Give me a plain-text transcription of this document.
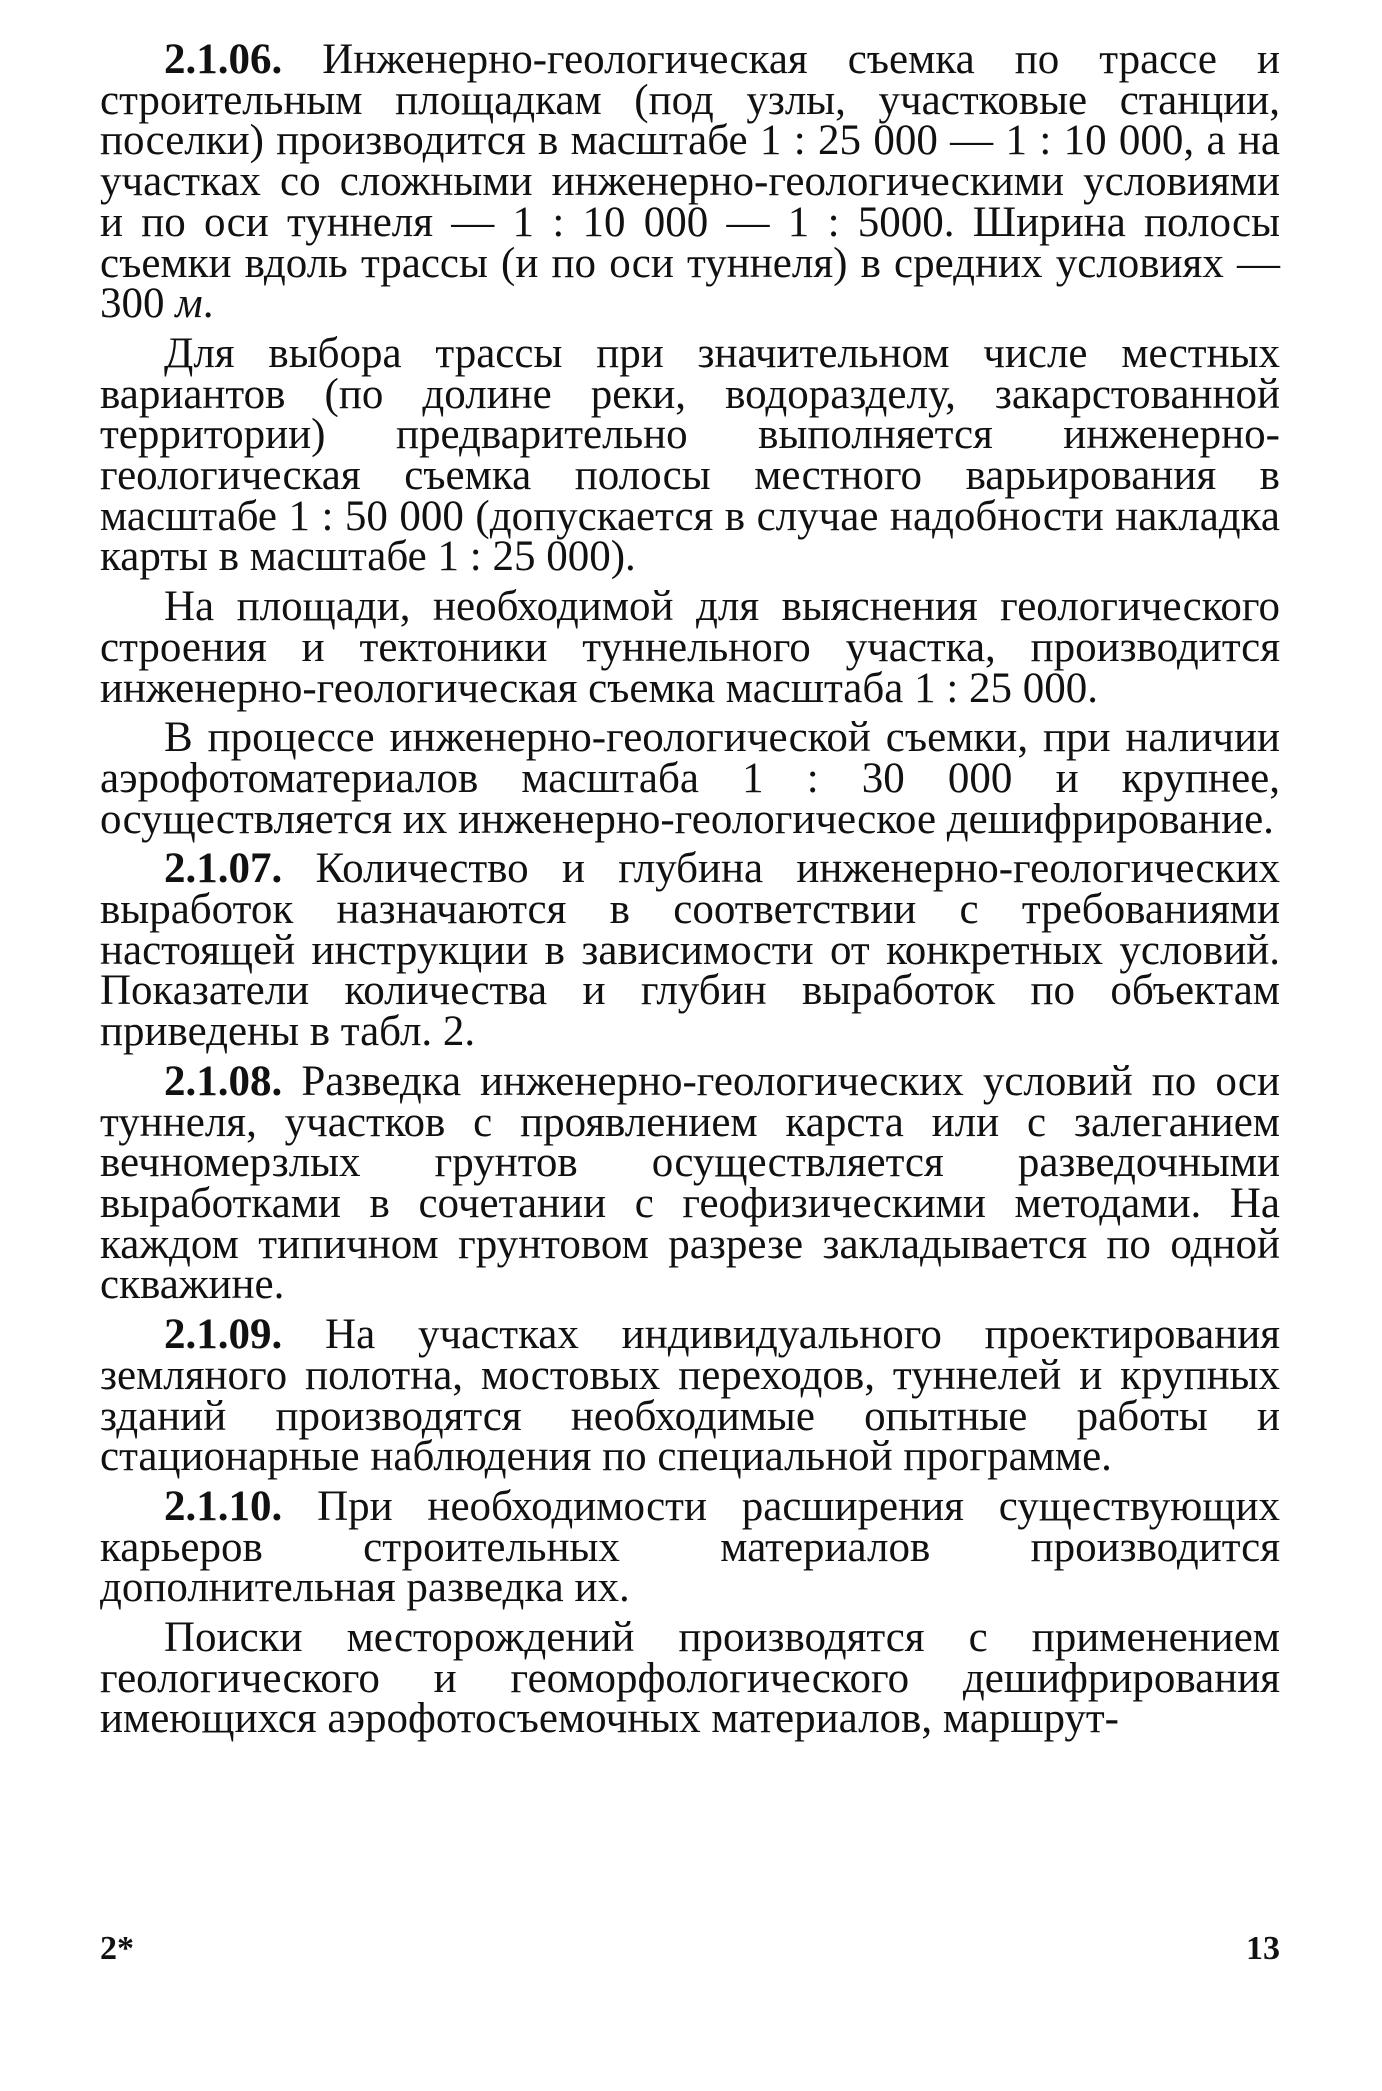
2.1.06. Инженерно-геологическая съемка по трассе и строительным площадкам (под узлы, участковые станции, поселки) производится в масштабе 1 : 25 000 — 1 : 10 000, а на участках со сложными инженерно-геологическими условиями и по оси туннеля — 1 : 10 000 — 1 : 5000. Ширина полосы съемки вдоль трассы (и по оси туннеля) в средних условиях — 300 м.

Для выбора трассы при значительном числе местных вариантов (по долине реки, водоразделу, закарстованной территории) предварительно выполняется инженерно-геологическая съемка полосы местного варьирования в масштабе 1 : 50 000 (допускается в случае надобности накладка карты в масштабе 1 : 25 000).

На площади, необходимой для выяснения геологического строения и тектоники туннельного участка, производится инженерно-геологическая съемка масштаба 1 : 25 000.

В процессе инженерно-геологической съемки, при наличии аэрофотоматериалов масштаба 1 : 30 000 и крупнее, осуществляется их инженерно-геологическое дешифрирование.

2.1.07. Количество и глубина инженерно-геологических выработок назначаются в соответствии с требованиями настоящей инструкции в зависимости от конкретных условий. Показатели количества и глубин выработок по объектам приведены в табл. 2.

2.1.08. Разведка инженерно-геологических условий по оси туннеля, участков с проявлением карста или с залеганием вечномерзлых грунтов осуществляется разведочными выработками в сочетании с геофизическими методами. На каждом типичном грунтовом разрезе закладывается по одной скважине.

2.1.09. На участках индивидуального проектирования земляного полотна, мостовых переходов, туннелей и крупных зданий производятся необходимые опытные работы и стационарные наблюдения по специальной программе.

2.1.10. При необходимости расширения существующих карьеров строительных материалов производится дополнительная разведка их.

Поиски месторождений производятся с применением геологического и геоморфологического дешифрирования имеющихся аэрофотосъемочных материалов, маршрут-

2*	13
